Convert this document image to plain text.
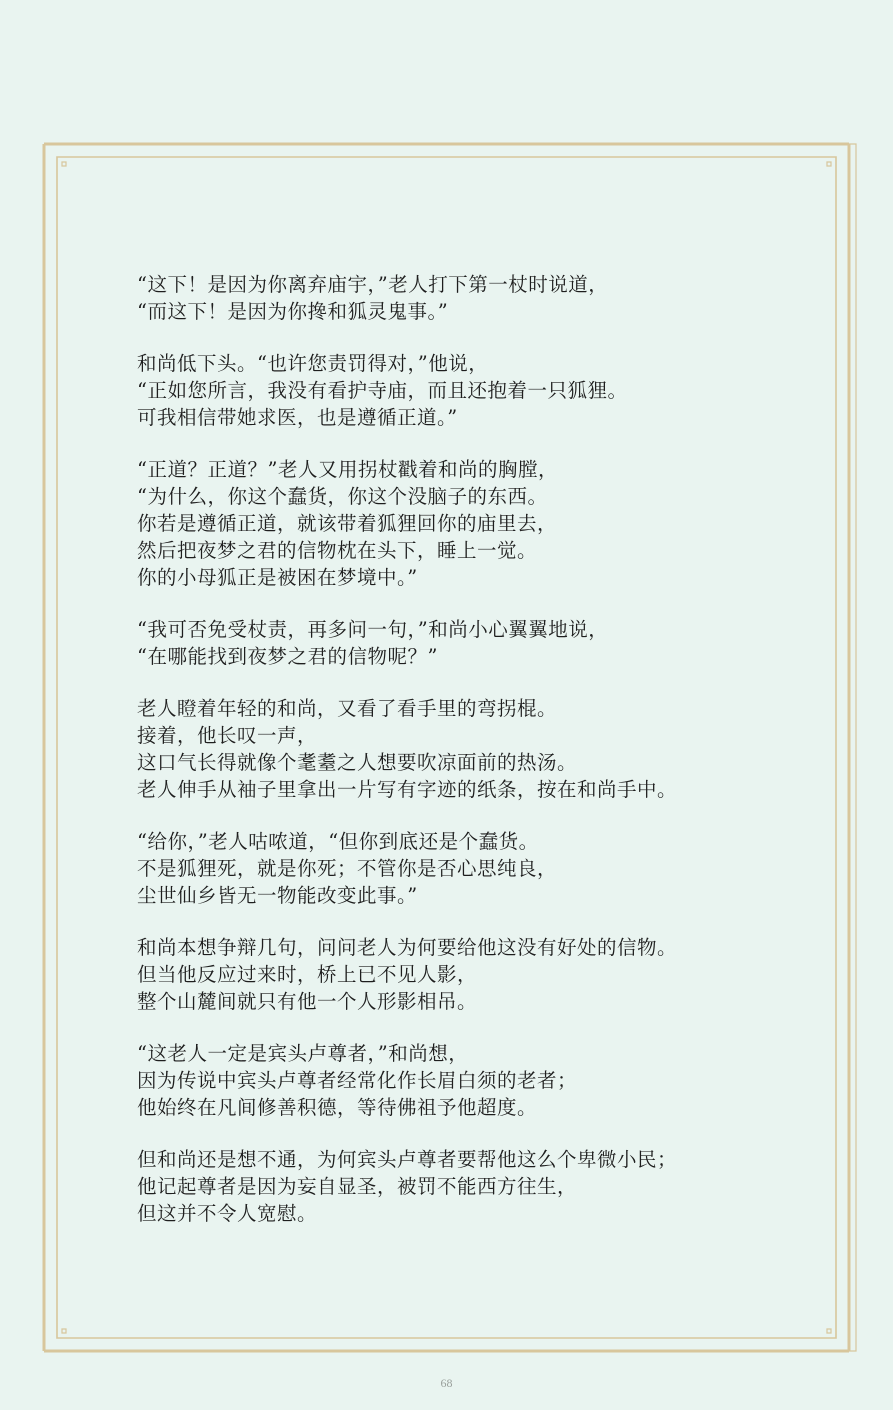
“这下！是因为你离弃庙宇，”老人打下第一杖时说道，
“而这下！是因为你搀和狐灵鬼事。”

和尚低下头。“也许您责罚得对，”他说，
“正如您所言，我没有看护寺庙，而且还抱着一只狐狸。
可我相信带她求医，也是遵循正道。”

“正道？正道？”老人又用拐杖戳着和尚的胸膛，
“为什么，你这个蠢货，你这个没脑子的东西。
你若是遵循正道，就该带着狐狸回你的庙里去，
然后把夜梦之君的信物枕在头下，睡上一觉。
你的小母狐正是被困在梦境中。”

“我可否免受杖责，再多问一句，”和尚小心翼翼地说，
“在哪能找到夜梦之君的信物呢？”

老人瞪着年轻的和尚，又看了看手里的弯拐棍。
接着，他长叹一声，
这口气长得就像个耄耋之人想要吹凉面前的热汤。
老人伸手从袖子里拿出一片写有字迹的纸条，按在和尚手中。

“给你，”老人咕哝道，“但你到底还是个蠢货。
不是狐狸死，就是你死；不管你是否心思纯良，
尘世仙乡皆无一物能改变此事。”

和尚本想争辩几句，问问老人为何要给他这没有好处的信物。
但当他反应过来时，桥上已不见人影，
整个山麓间就只有他一个人形影相吊。

“这老人一定是宾头卢尊者，”和尚想，
因为传说中宾头卢尊者经常化作长眉白须的老者；
他始终在凡间修善积德，等待佛祖予他超度。

但和尚还是想不通，为何宾头卢尊者要帮他这么个卑微小民；
他记起尊者是因为妄自显圣，被罚不能西方往生，
但这并不令人宽慰。

68
